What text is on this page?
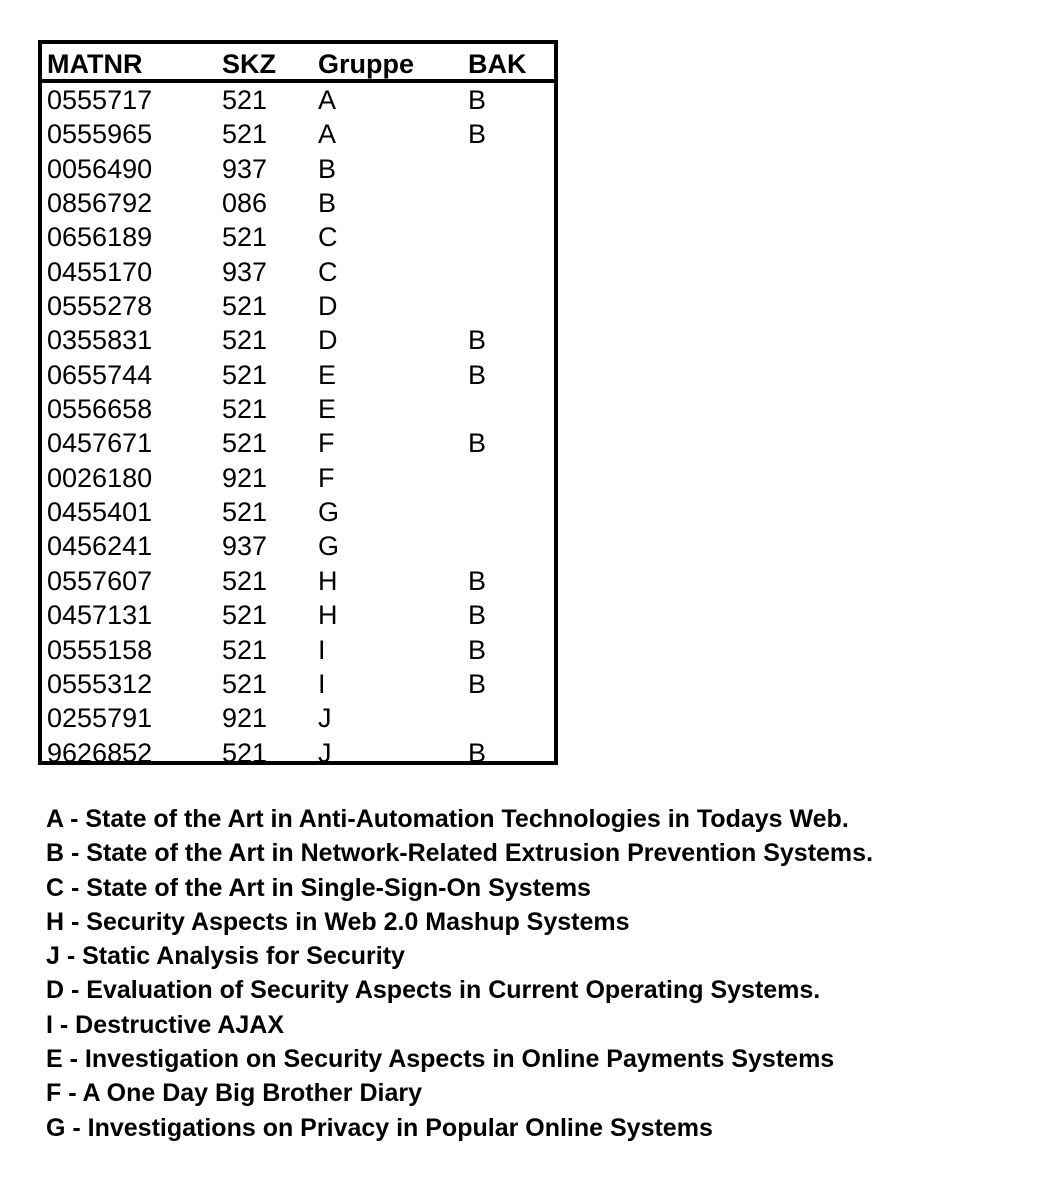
MATNR	SKZ Gruppe BAK
0555717	521 A	B
0555965	521 A	B
0056490	937 B
0856792	086 B
0656189	521 C
0455170	937 C
0555278	521 D
0355831	521 D	B
0655744	521 E	B
0556658	521 E
0457671	521 F	B
0026180	921 F
0455401	521 G
0456241	937 G
0557607	521 H	B
0457131	521 H	B
0555158	521 I	B
0555312	521 I	B
0255791	921 J
9626852	521 J	B
A - State of the Art in Anti-Automation Technologies in Todays Web.
B - State of the Art in Network-Related Extrusion Prevention Systems.
C - State of the Art in Single-Sign-On Systems
H - Security Aspects in Web 2.0 Mashup Systems
J - Static Analysis for Security
D - Evaluation of Security Aspects in Current Operating Systems.
I - Destructive AJAX
E - Investigation on Security Aspects in Online Payments Systems
F - A One Day Big Brother Diary
G - Investigations on Privacy in Popular Online Systems
